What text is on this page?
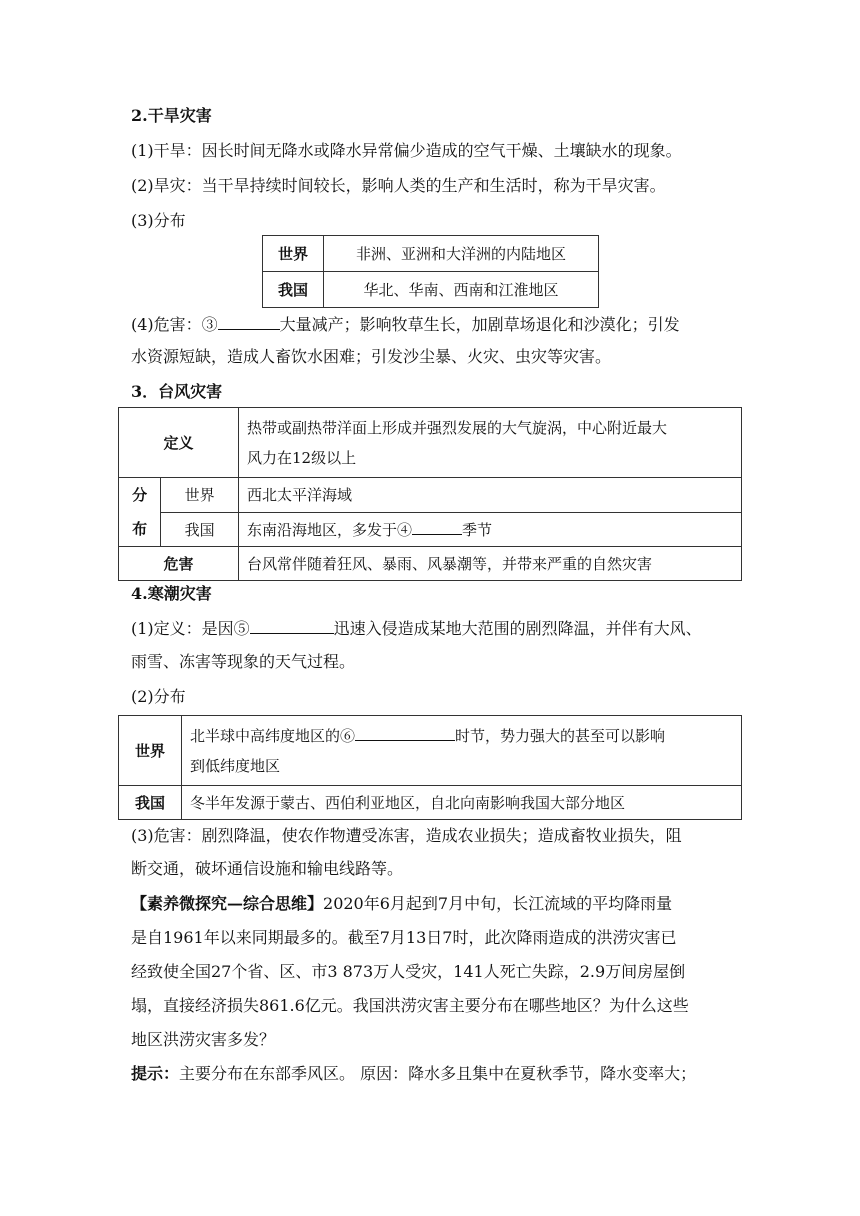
2.干旱灾害
(1)干旱：因长时间无降水或降水异常偏少造成的空气干燥、土壤缺水的现象。
(2)旱灾：当干旱持续时间较长，影响人类的生产和生活时，称为干旱灾害。
(3)分布
世界	非洲、亚洲和大洋洲的内陆地区
我国	华北、华南、西南和江淮地区
(4)危害：③	大量减产；影响牧草生长，加剧草场退化和沙漠化；引发
水资源短缺，造成人畜饮水困难；引发沙尘暴、火灾、虫灾等灾害。
3．台风灾害
定义		热带或副热带洋面上形成并强烈发展的大气旋涡，中心附近最大
风力在12级以上

分
布	世界	西北太平洋海域
	我国	东南沿海地区，多发于④ 季节
危害		台风常伴随着狂风、暴雨、风暴潮等，并带来严重的自然灾害
4.寒潮灾害
(1)定义：是因⑤	迅速入侵造成某地大范围的剧烈降温，并伴有大风、
雨雪、冻害等现象的天气过程。
(2)分布
世界	北半球中高纬度地区的⑥ 时节，势力强大的甚至可以影响
到低纬度地区

我国	冬半年发源于蒙古、西伯利亚地区，自北向南影响我国大部分地区
(3)危害：剧烈降温，使农作物遭受冻害，造成农业损失；造成畜牧业损失，阻
断交通，破坏通信设施和输电线路等。
【素养微探究—综合思维】2020年6月起到7月中旬，长江流域的平均降雨量
是自1961年以来同期最多的。截至7月13日7时，此次降雨造成的洪涝灾害已
经致使全国27个省、区、市3 873万人受灾，141人死亡失踪，2.9万间房屋倒
塌，直接经济损失861.6亿元。我国洪涝灾害主要分布在哪些地区？为什么这些
地区洪涝灾害多发？
提示：主要分布在东部季风区。 原因：降水多且集中在夏秋季节，降水变率大；
